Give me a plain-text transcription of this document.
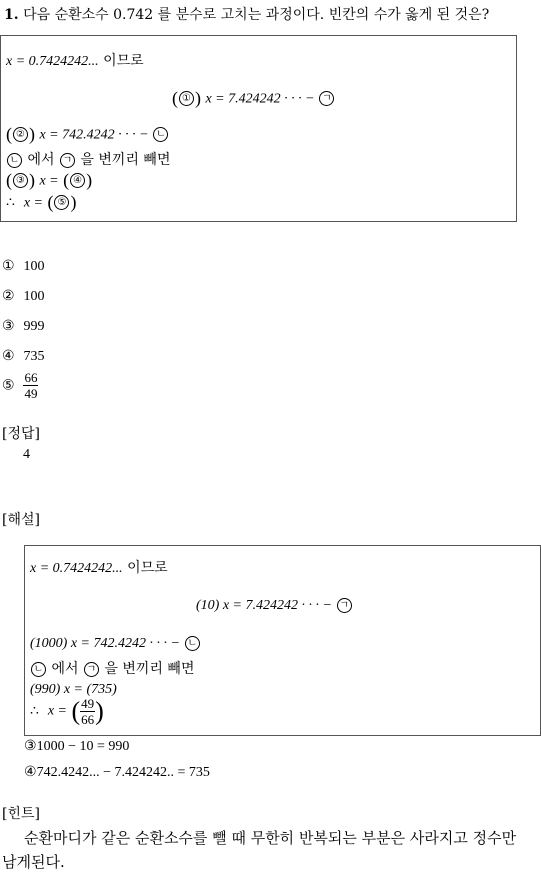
1. 다음 순환소수 0.742 를 분수로 고치는 과정이다. 빈칸의 수가 옳게 된 것은?
x = 0.7424242... 이므로
( ① ) x = 7.424242 · · · − ㄱ
( ② ) x = 742.4242 · · · − ㄴ
ㄴ 에서 ㄱ 을 변끼리 빼면
( ③ ) x = ( ④ )
∴ x = ( ⑤ )
① 100
② 100
③ 999
④ 735
⑤ $\frac{66}{49}$
[정답]
4
[해설]
x = 0.7424242... 이므로
(10) x = 7.424242 · · · − ㄱ
(1000) x = 742.4242 · · · − ㄴ
ㄴ 에서 ㄱ 을 변끼리 빼면
(990) x = (735)
∴ x = ( $\frac{49}{66}$ )
③1000 − 10 = 990
④742.4242... − 7.424242.. = 735
[힌트]
순환마디가 같은 순환소수를 뺄 때 무한히 반복되는 부분은 사라지고 정수만
남게된다.
